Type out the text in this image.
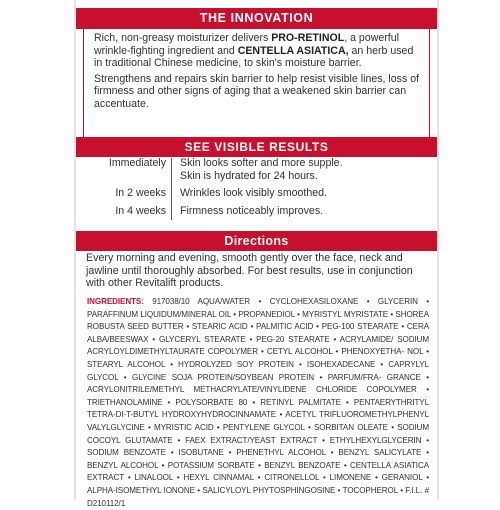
THE INNOVATION
Rich, non-greasy moisturizer delivers PRO-RETINOL, a powerful wrinkle-fighting ingredient and CENTELLA ASIATICA, an herb used in traditional Chinese medicine, to skin's moisture barrier.
Strengthens and repairs skin barrier to help resist visible lines, loss of firmness and other signs of aging that a weakened skin barrier can accentuate.
SEE VISIBLE RESULTS
Immediately Skin looks softer and more supple.
Skin is hydrated for 24 hours.
In 2 weeks Wrinkles look visibly smoothed.
In 4 weeks Firmness noticeably improves.
Directions
Every morning and evening, smooth gently over the face, neck and jawline until thoroughly absorbed. For best results, use in conjunction with other Revitalift products.
INGREDIENTS: 917038/10 AQUA/WATER • CYCLOHEXASILOXANE • GLYCERIN • PARAFFINUM LIQUIDUM/MINERAL OIL • PROPANEDIOL • MYRISTYL MYRISTATE • SHOREA ROBUSTA SEED BUTTER • STEARIC ACID • PALMITIC ACID • PEG-100 STEARATE • CERA ALBA/BEESWAX • GLYCERYL STEARATE • PEG-20 STEARATE • ACRYLAMIDE/ SODIUM ACRYLOYLDIMETHYLTAURATE COPOLYMER • CETYL ALCOHOL • PHENOXYETHA- NOL • STEARYL ALCOHOL • HYDROLYZED SOY PROTEIN • ISOHEXADECANE • CAPRYLYL GLYCOL • GLYCINE SOJA PROTEIN/SOYBEAN PROTEIN • PARFUM/FRA- GRANCE • ACRYLONITRILE/METHYL METHACRYLATE/VINYLIDENE CHLORIDE COPOLYMER • TRIETHANOLAMINE • POLYSORBATE 80 • RETINYL PALMITATE • PENTAERYTHRITYL TETRA-DI-T-BUTYL HYDROXYHYDROCINNAMATE • ACETYL TRIFLUOROMETHYLPHENYL VALYLGLYCINE • MYRISTIC ACID • PENTYLENE GLYCOL • SORBITAN OLEATE • SODIUM COCOYL GLUTAMATE • FAEX EXTRACT/YEAST EXTRACT • ETHYLHEXYLGLYCERIN • SODIUM BENZOATE • ISOBUTANE • PHENETHYL ALCOHOL • BENZYL SALICYLATE • BENZYL ALCOHOL • POTASSIUM SORBATE • BENZYL BENZOATE • CENTELLA ASIATICA EXTRACT • LINALOOL • HEXYL CINNAMAL • CITRONELLOL • LIMONENE • GERANIOL • ALPHA-ISOMETHYL IONONE • SALICYLOYL PHYTOSPHINGOSINE • TOCOPHEROL • F.I.L. # D210112/1
